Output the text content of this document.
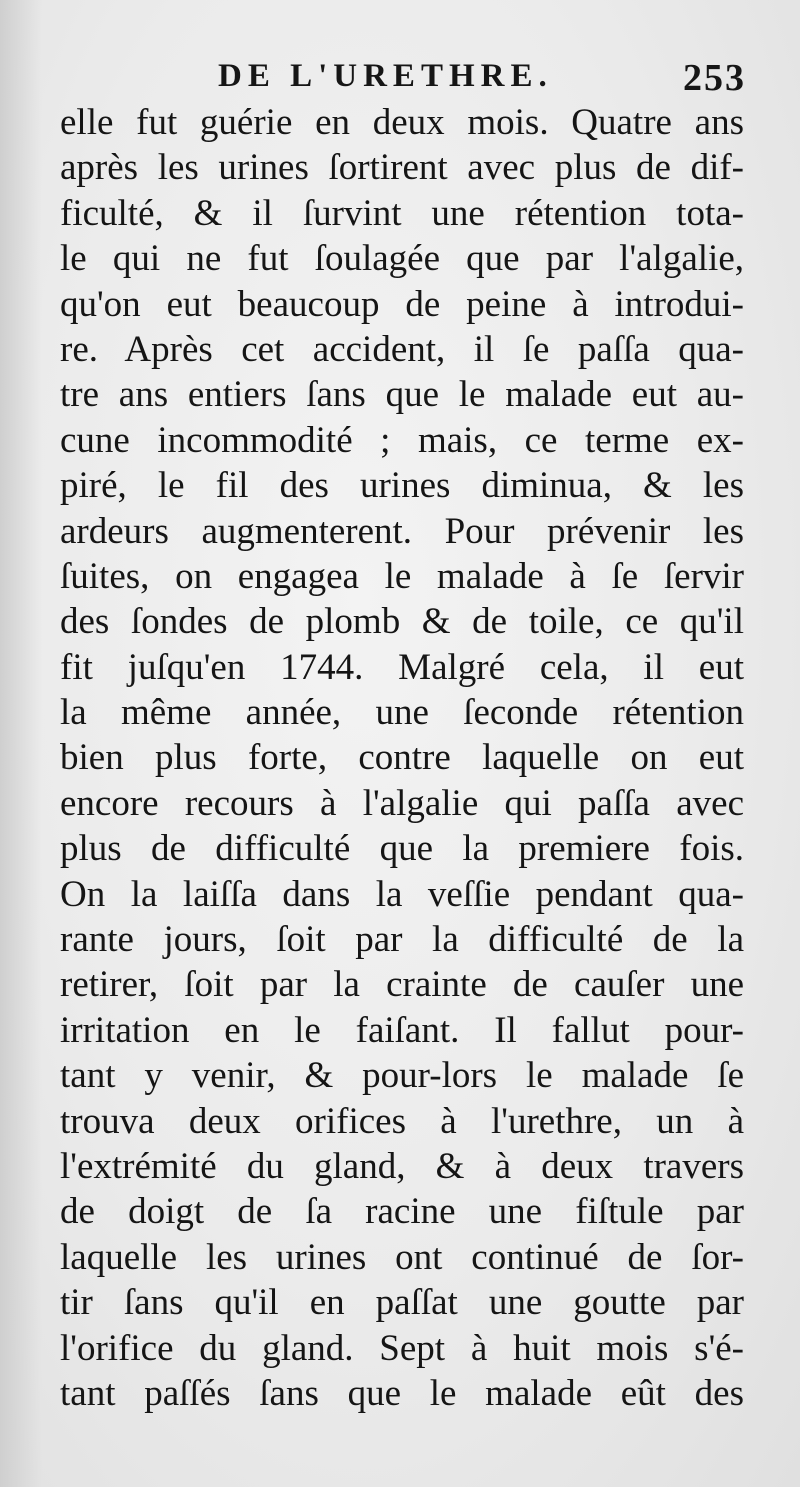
DE L'URETHRE.	253
elle fut guérie en deux mois. Quatre ans
après les urines ſortirent avec plus de dif-
ficulté, & il ſurvint une rétention tota-
le qui ne fut ſoulagée que par l'algalie,
qu'on eut beaucoup de peine à introdui-
re. Après cet accident, il ſe paſſa qua-
tre ans entiers ſans que le malade eut au-
cune incommodité ; mais, ce terme ex-
piré, le fil des urines diminua, & les
ardeurs augmenterent. Pour prévenir les
ſuites, on engagea le malade à ſe ſervir
des ſondes de plomb & de toile, ce qu'il
fit juſqu'en 1744. Malgré cela, il eut
la même année, une ſeconde rétention
bien plus forte, contre laquelle on eut
encore recours à l'algalie qui paſſa avec
plus de difficulté que la premiere fois.
On la laiſſa dans la veſſie pendant qua-
rante jours, ſoit par la difficulté de la
retirer, ſoit par la crainte de cauſer une
irritation en le faiſant. Il fallut pour-
tant y venir, & pour-lors le malade ſe
trouva deux orifices à l'urethre, un à
l'extrémité du gland, & à deux travers
de doigt de ſa racine une fiſtule par
laquelle les urines ont continué de ſor-
tir ſans qu'il en paſſat une goutte par
l'orifice du gland. Sept à huit mois s'é-
tant paſſés ſans que le malade eût des
